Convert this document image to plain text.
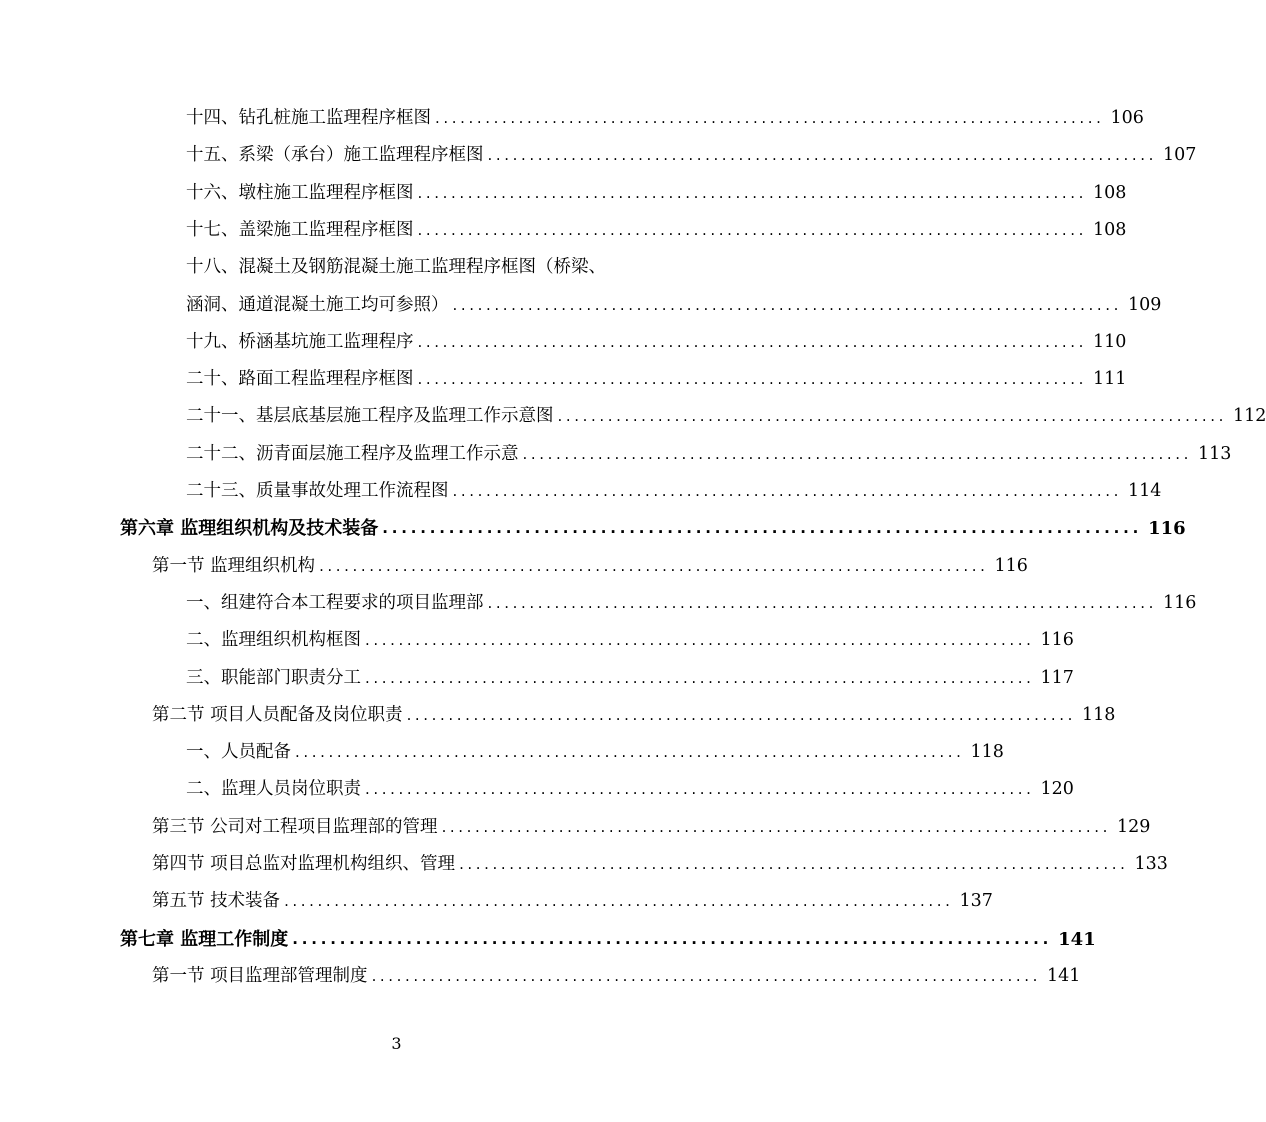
十四、钻孔桩施工监理程序框图 ................................................................................ 106
十五、系梁（承台）施工监理程序框图 ................................................................................ 107
十六、墩柱施工监理程序框图 ................................................................................ 108
十七、盖梁施工监理程序框图 ................................................................................ 108
十八、混凝土及钢筋混凝土施工监理程序框图（桥梁、
涵洞、通道混凝土施工均可参照） ................................................................................ 109
十九、桥涵基坑施工监理程序 ................................................................................ 110
二十、路面工程监理程序框图 ................................................................................ 111
二十一、基层底基层施工程序及监理工作示意图 ................................................................................ 112
二十二、沥青面层施工程序及监理工作示意 ................................................................................ 113
二十三、质量事故处理工作流程图 ................................................................................ 114
第六章 监理组织机构及技术装备 ................................................................................ 116
第一节 监理组织机构 ................................................................................ 116
一、组建符合本工程要求的项目监理部 ................................................................................ 116
二、监理组织机构框图 ................................................................................ 116
三、职能部门职责分工 ................................................................................ 117
第二节 项目人员配备及岗位职责 ................................................................................ 118
一、人员配备 ................................................................................ 118
二、监理人员岗位职责 ................................................................................ 120
第三节 公司对工程项目监理部的管理 ................................................................................ 129
第四节 项目总监对监理机构组织、管理 ................................................................................ 133
第五节 技术装备 ................................................................................ 137
第七章 监理工作制度 ................................................................................ 141
第一节 项目监理部管理制度 ................................................................................ 141
3
